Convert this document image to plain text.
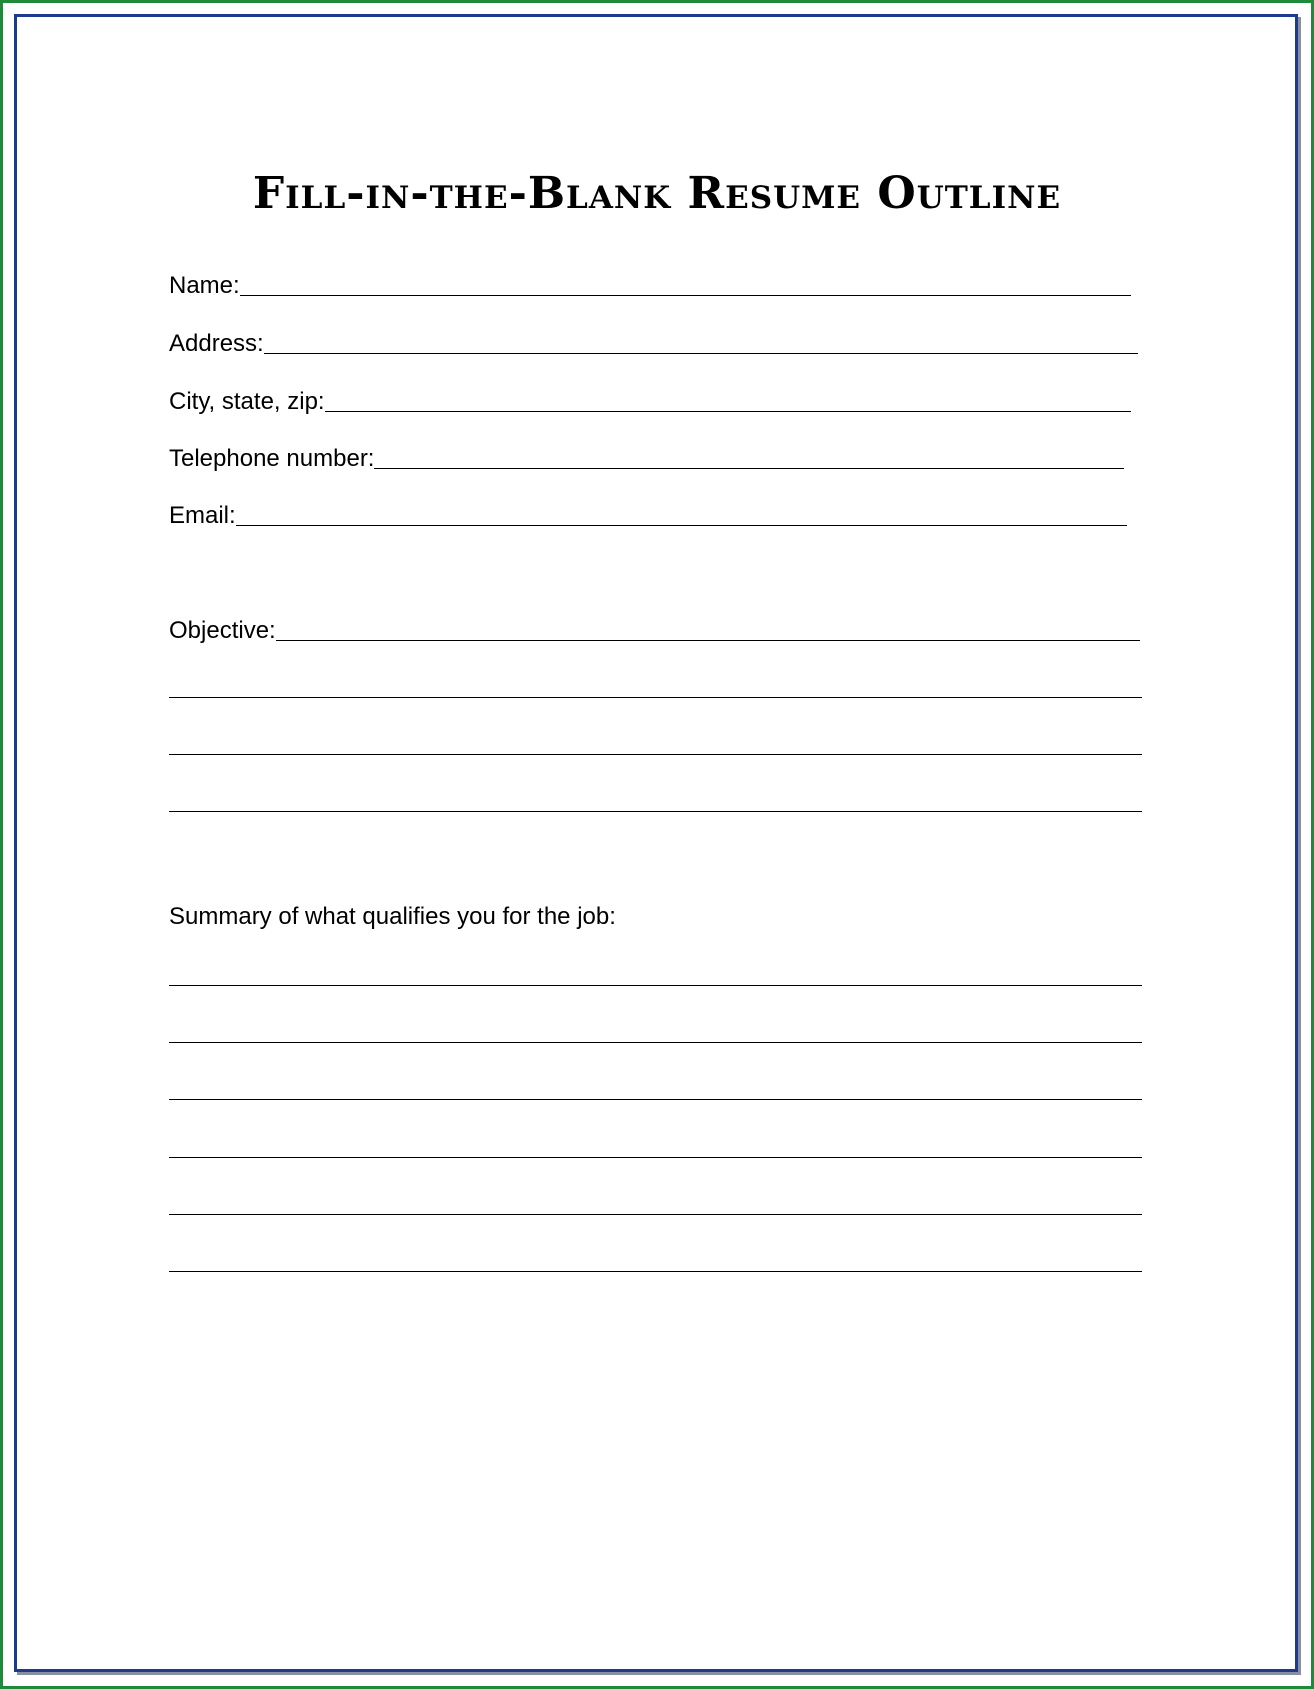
Fill-in-the-Blank Resume Outline
Name:
Address:
City, state, zip:
Telephone number:
Email:
Objective:
Summary of what qualifies you for the job:
